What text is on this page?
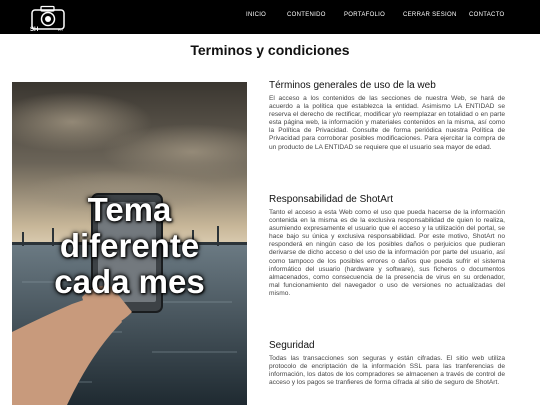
SH	RT
INICIO	CONTENIDO	PORTAFOLIO	CERRAR SESION CONTACTO
Terminos y condiciones
Tema
diferente
cada mes
Términos generales de uso de la web

El acceso a los contenidos de las secciones de nuestra Web, se hará de acuerdo a la política que establezca la entidad. Asimismo LA ENTIDAD se reserva el derecho de rectificar, modificar y/o reemplazar en totalidad o en parte esta página web, la información y materiales contenidos en la misma, así como la Política de Privacidad. Consulte de forma periódica nuestra Política de Privacidad para corroborar posibles modificaciones. Para ejercitar la compra de un producto de LA ENTIDAD se requiere que el usuario sea mayor de edad.

Responsabilidad de ShotArt

Tanto el acceso a esta Web como el uso que pueda hacerse de la información contenida en la misma es de la exclusiva responsabilidad de quien lo realiza, asumiendo expresamente el usuario que el acceso y la utilización del portal, se hace bajo su única y exclusiva responsabilidad. Por este motivo, ShotArt no responderá en ningún caso de los posibles daños o perjuicios que pudieran derivarse de dicho acceso o del uso de la información por parte del usuario, así como tampoco de los posibles errores o daños que pueda sufrir el sistema informático del usuario (hardware y software), sus ficheros o documentos almacenados, como consecuencia de la presencia de virus en su ordenador, mal funcionamiento del navegador o uso de versiones no actualizadas del mismo.

Seguridad

Todas las transacciones son seguras y están cifradas. El sitio web utiliza protocolo de encriptación de la información SSL para las tranferencias de información, los datos de los compradores se almacenen a través de control de acceso y los pagos se tranfieres de forma cifrada al sitio de seguro de ShotArt.
